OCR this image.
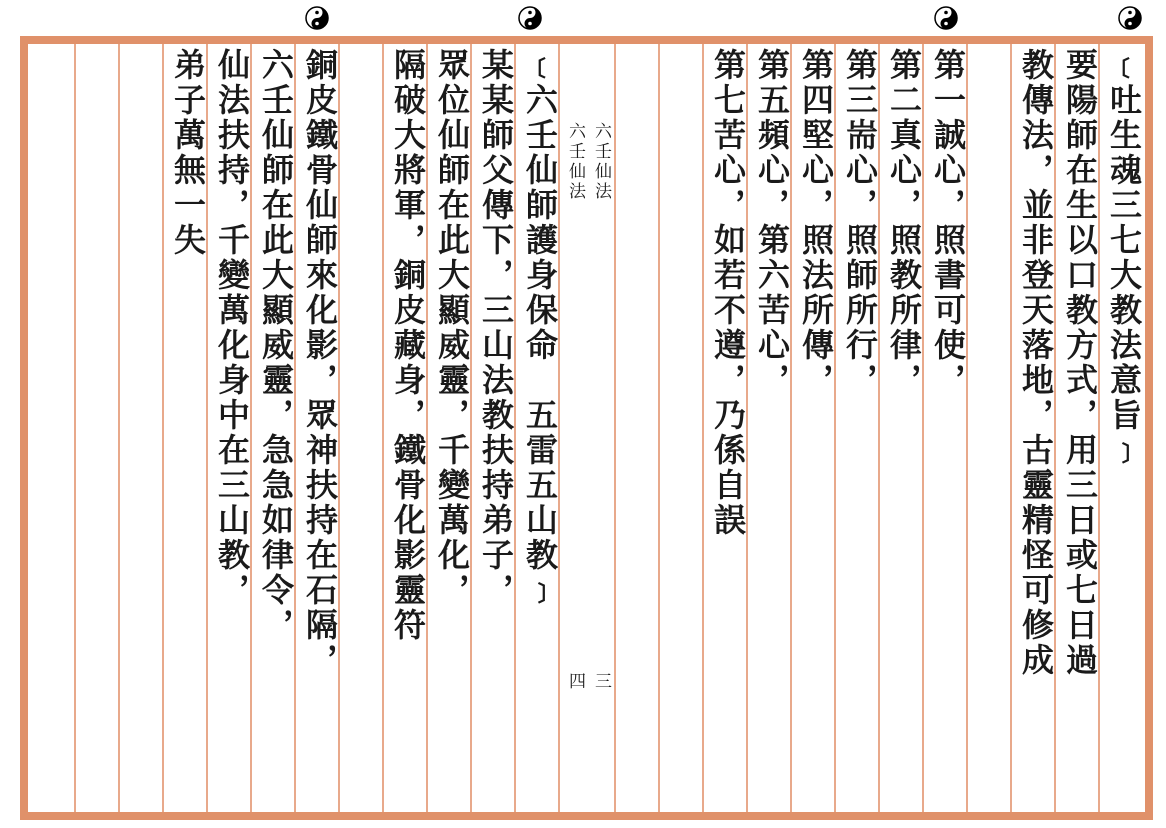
﹝吐生魂三七大教法意旨﹞
要陽師在生以口教方式，用三日或七日過
教傳法，並非登天落地，古靈精怪可修成
第一誠心，照書可使，
第二真心，照教所律，
第三耑心，照師所行，
第四堅心，照法所傳，
第五頻心，第六苦心，
第七苦心，如若不遵，乃係自誤
六壬仙法
六壬仙法
三
四
﹝六壬仙師護身保命　五雷五山教﹞
某某師父傳下，三山法教扶持弟子，
眾位仙師在此大顯威靈，千變萬化，
隔破大將軍，銅皮藏身，鐵骨化影靈符
銅皮鐵骨仙師來化影，眾神扶持在石隔，
六壬仙師在此大顯威靈，急急如律令，
仙法扶持，千變萬化身中在三山教，
弟子萬無一失
